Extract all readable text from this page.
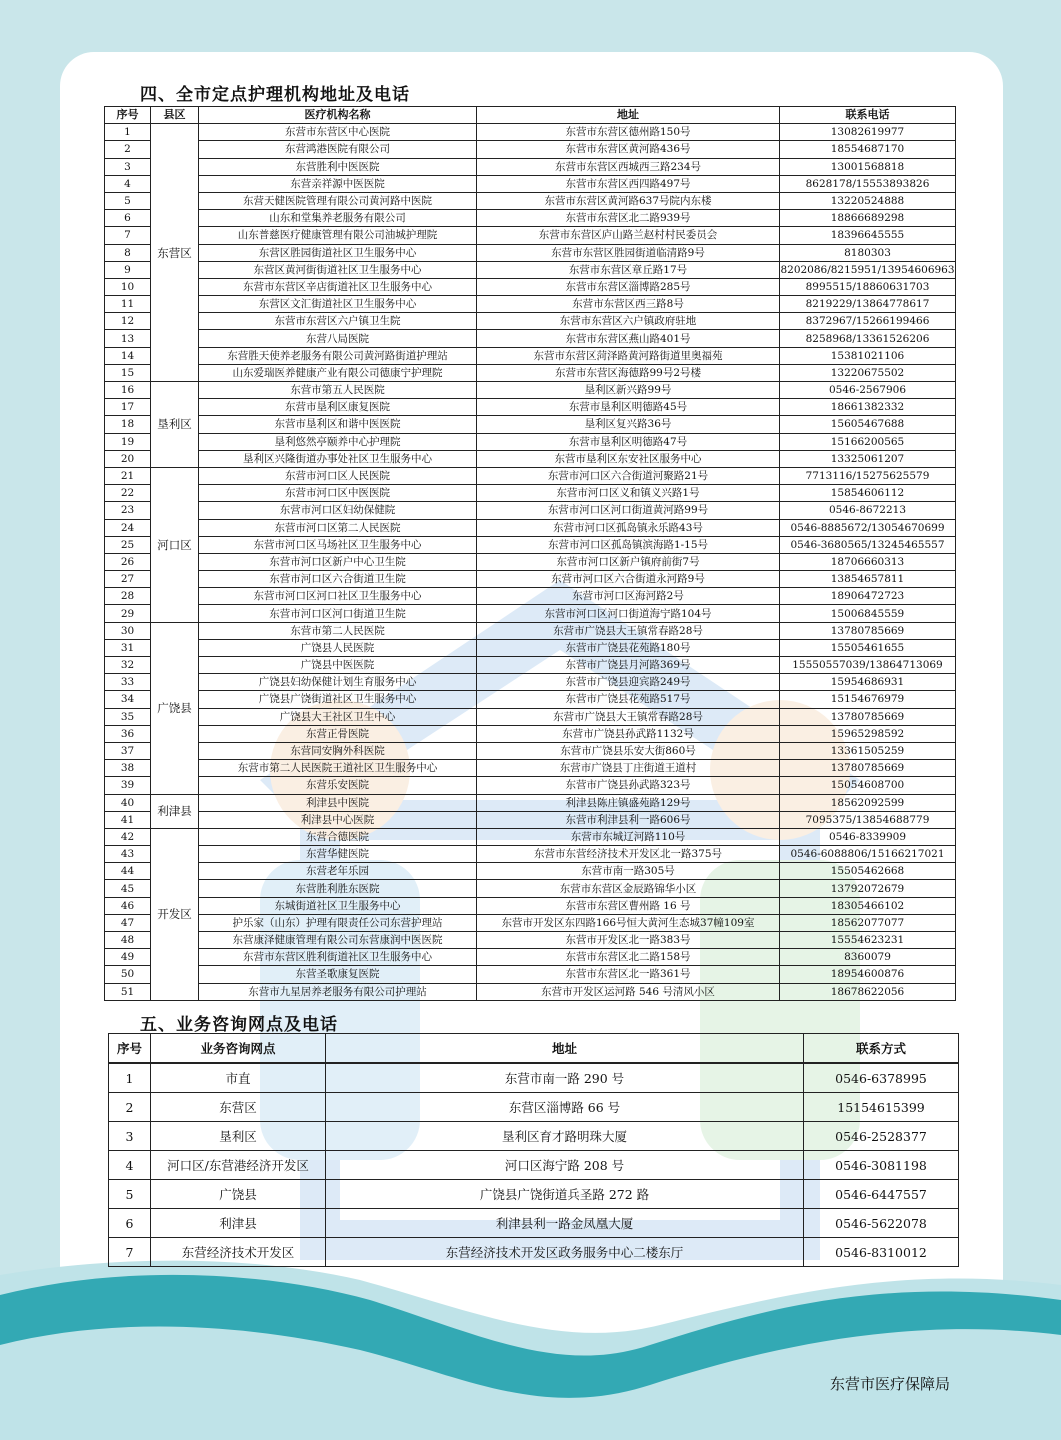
四、全市定点护理机构地址及电话
序号	县区	医疗机构名称	地址	联系电话
1	东营区	东营市东营区中心医院	东营市东营区德州路150号	13082619977
2		东营鸿港医院有限公司	东营市东营区黄河路436号	18554687170
3		东营胜利中医医院	东营市东营区西城西三路234号	13001568818
4		东营亲祥源中医医院	东营市东营区西四路497号	8628178/15553893826
5		东营天健医院管理有限公司黄河路中医院	东营市东营区黄河路637号院内东楼	13220524888
6		山东和堂集养老服务有限公司	东营市东营区北二路939号	18866689298
7		山东普慈医疗健康管理有限公司油城护理院	东营市东营区庐山路兰赵村村民委员会	18396645555
8		东营区胜园街道社区卫生服务中心	东营市东营区胜园街道临清路9号	8180303
9		东营区黄河街街道社区卫生服务中心	东营市东营区章丘路17号	8202086/8215951/13954606963
10		东营市东营区辛店街道社区卫生服务中心	东营市东营区淄博路285号	8995515/18860631703
11		东营区文汇街道社区卫生服务中心	东营市东营区西三路8号	8219229/13864778617
12		东营市东营区六户镇卫生院	东营市东营区六户镇政府驻地	8372967/15266199466
13		东营八局医院	东营市东营区燕山路401号	8258968/13361526206
14		东营胜天使养老服务有限公司黄河路街道护理站	东营市东营区菏泽路黄河路街道里奥福苑	15381021106
15		山东爱瑞医养健康产业有限公司德康宁护理院	东营市东营区海德路99号2号楼	13220675502
16	垦利区	东营市第五人民医院	垦利区新兴路99号	0546-2567906
17		东营市垦利区康复医院	东营市垦利区明德路45号	18661382332
18		东营市垦利区和谐中医医院	垦利区复兴路36号	15605467688
19		垦利悠然亭颐养中心护理院	东营市垦利区明德路47号	15166200565
20		垦利区兴隆街道办事处社区卫生服务中心	东营市垦利区东安社区服务中心	13325061207
21	河口区	东营市河口区人民医院	东营市河口区六合街道河聚路21号	7713116/15275625579
22		东营市河口区中医医院	东营市河口区义和镇义兴路1号	15854606112
23		东营市河口区妇幼保健院	东营市河口区河口街道黄河路99号	0546-8672213
24		东营市河口区第二人民医院	东营市河口区孤岛镇永乐路43号	0546-8885672/13054670699
25		东营市河口区马场社区卫生服务中心	东营市河口区孤岛镇滨海路1-15号	0546-3680565/13245465557
26		东营市河口区新户中心卫生院	东营市河口区新户镇府前街7号	18706660313
27		东营市河口区六合街道卫生院	东营市河口区六合街道永河路9号	13854657811
28		东营市河口区河口社区卫生服务中心	东营市河口区海河路2号	18906472723
29		东营市河口区河口街道卫生院	东营市河口区河口街道海宁路104号	15006845559
30	广饶县	东营市第二人民医院	东营市广饶县大王镇常春路28号	13780785669
31		广饶县人民医院	东营市广饶县花苑路180号	15505461655
32		广饶县中医医院	东营市广饶县月河路369号	15550557039/13864713069
33		广饶县妇幼保健计划生育服务中心	东营市广饶县迎宾路249号	15954686931
34		广饶县广饶街道社区卫生服务中心	东营市广饶县花苑路517号	15154676979
35		广饶县大王社区卫生中心	东营市广饶县大王镇常春路28号	13780785669
36		东营正骨医院	东营市广饶县孙武路1132号	15965298592
37		东营同安胸外科医院	东营市广饶县乐安大街860号	13361505259
38		东营市第二人民医院王道社区卫生服务中心	东营市广饶县丁庄街道王道村	13780785669
39		东营乐安医院	东营市广饶县孙武路323号	15054608700
40	利津县	利津县中医院	利津县陈庄镇盛苑路129号	18562092599
41		利津县中心医院	东营市利津县利一路606号	7095375/13854688779
42	开发区	东营合德医院	东营市东城辽河路110号	0546-8339909
43		东营华健医院	东营市东营经济技术开发区北一路375号	0546-6088806/15166217021
44		东营老年乐园	东营市南一路305号	15505462668
45		东营胜利胜东医院	东营市东营区金辰路锦华小区	13792072679
46		东城街道社区卫生服务中心	东营市东营区曹州路 16 号	18305466102
47		护乐家（山东）护理有限责任公司东营护理站	东营市开发区东四路166号恒大黄河生态城37幢109室	18562077077
48		东营康泽健康管理有限公司东营康润中医医院	东营市开发区北一路383号	15554623231
49		东营市东营区胜利街道社区卫生服务中心	东营市东营区北二路158号	8360079
50		东营圣歌康复医院	东营市东营区北一路361号	18954600876
51		东营市九星居养老服务有限公司护理站	东营市开发区运河路 546 号清风小区	18678622056
五、业务咨询网点及电话
序号	业务咨询网点	地址	联系方式
1	市直	东营市南一路 290 号	0546-6378995
2	东营区	东营区淄博路 66 号	15154615399
3	垦利区	垦利区育才路明珠大厦	0546-2528377
4	河口区/东营港经济开发区	河口区海宁路 208 号	0546-3081198
5	广饶县	广饶县广饶街道兵圣路 272 路	0546-6447557
6	利津县	利津县利一路金凤凰大厦	0546-5622078
7	东营经济技术开发区	东营经济技术开发区政务服务中心二楼东厅	0546-8310012
东营市医疗保障局
